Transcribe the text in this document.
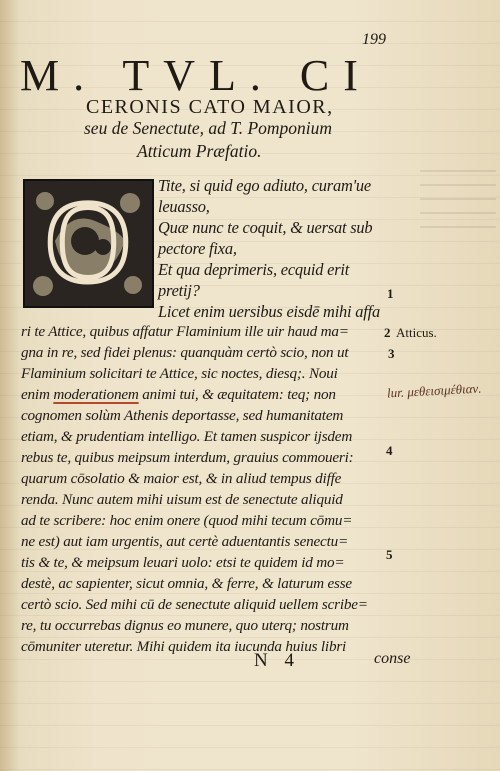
199
M. TVL. CI
CERONIS CATO MAIOR,
seu de Senectute, ad T. Pomponium
Atticum Præfatio.
O Tite, si quid ego adiuto, curam'ue
leuasso,
Quæ nunc te coquit, & uersat sub
pectore fixa,
Et qua deprimeris, ecquid erit
pretij?
Licet enim uersibus eisdē mihi affa
ri te Attice, quibus affatur Flaminium ille uir haud ma=
gna in re, sed fidei plenus: quanquàm certò scio, non ut
Flaminium solicitari te Attice, sic noctes, diesq;. Noui
enim moderationem animi tui, & æquitatem: teq; non
cognomen solùm Athenis deportasse, sed humanitatem
etiam, & prudentiam intelligo. Et tamen suspicor ijsdem
rebus te, quibus meipsum interdum, grauius commoueri:
quarum cōsolatio & maior est, & in aliud tempus diffe
renda. Nunc autem mihi uisum est de senectute aliquid
ad te scribere: hoc enim onere (quod mihi tecum cōmu=
ne est) aut iam urgentis, aut certè aduentantis senectu=
tis & te, & meipsum leuari uolo: etsi te quidem id mo=
destè, ac sapienter, sicut omnia, & ferre, & laturum esse
certò scio. Sed mihi cū de senectute aliquid uellem scribe=
re, tu occurrebas dignus eo munere, quo uterq; nostrum
cōmuniter uteretur. Mihi quidem ita iucunda huius libri
N 4	conse
1
2 Atticus.
3
4
5
lur. μεθεισιμέθιαν.
